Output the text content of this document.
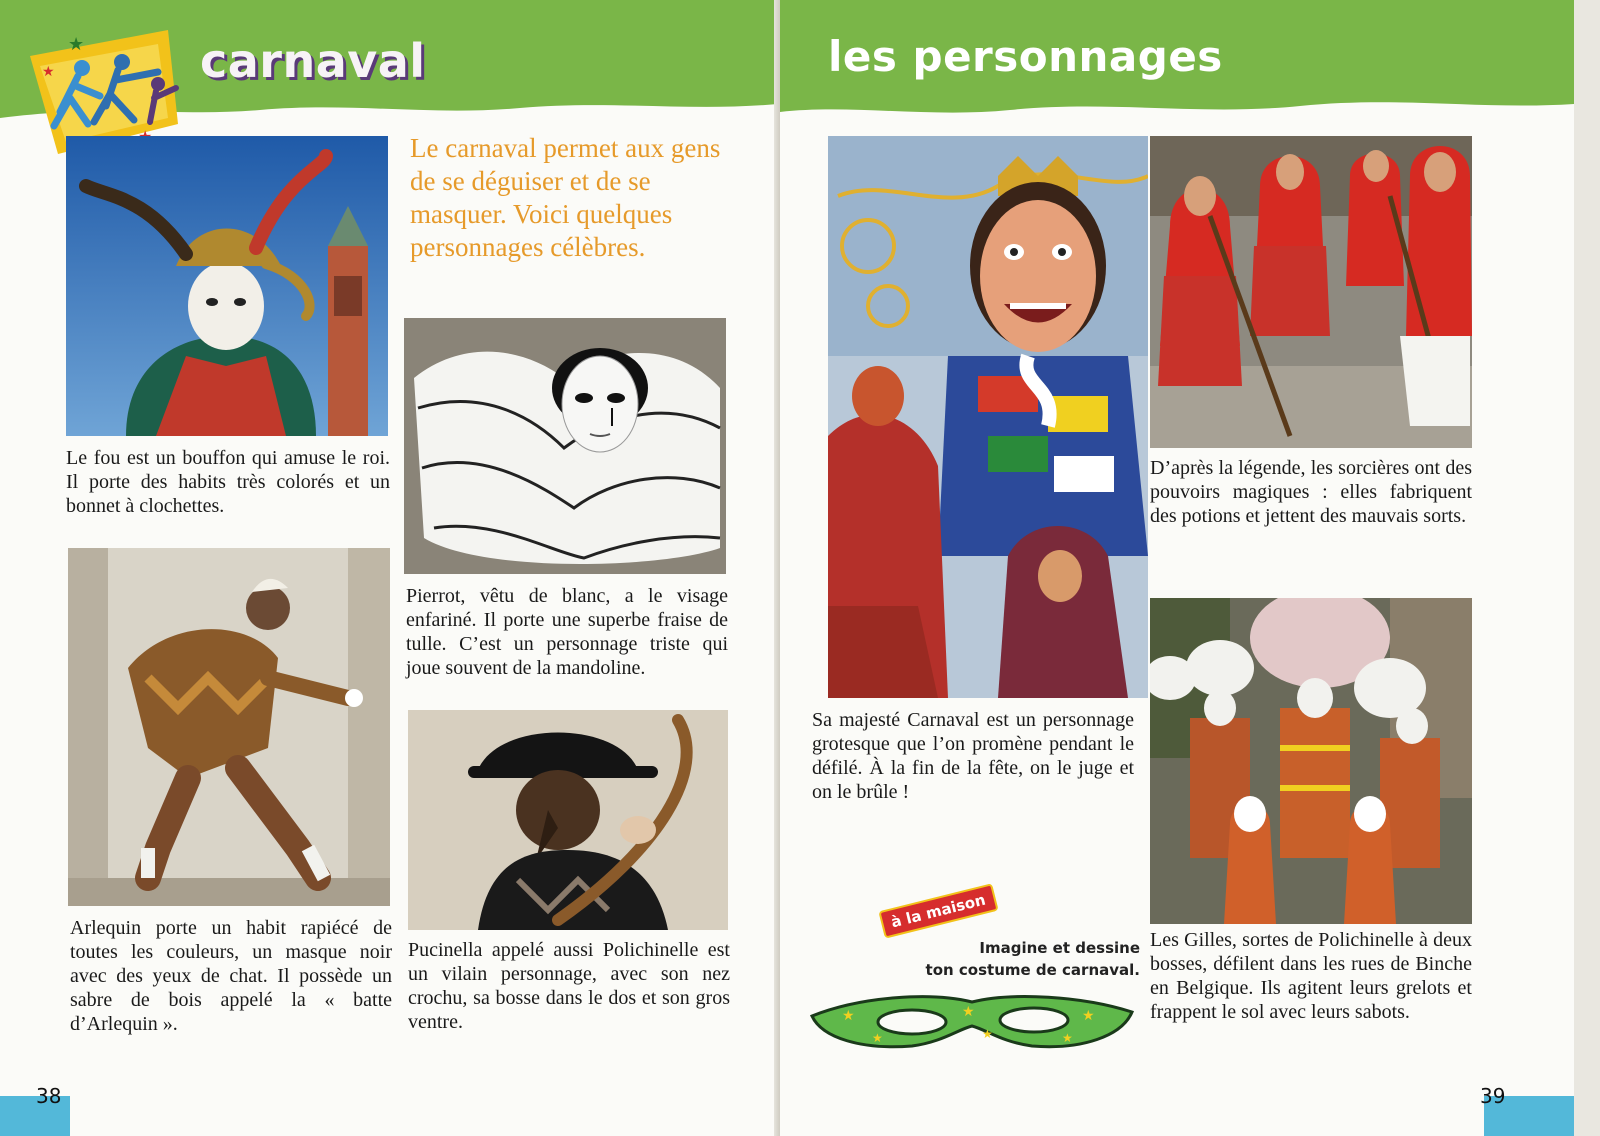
★
★	carnaval
Le fou est un bouffon qui amuse le roi. Il porte des habits très colorés et un bonnet à clochettes.
Le carnaval permet aux gens de se déguiser et de se masquer. Voici quelques personnages célèbres.
Pierrot, vêtu de blanc, a le visage enfariné. Il porte une superbe fraise de tulle. C’est un personnage triste qui joue souvent de la mandoline.
Arlequin porte un habit rapiécé de toutes les couleurs, un masque noir avec des yeux de chat. Il possède un sabre de bois appelé la « batte d’Arlequin ».
Pucinella appelé aussi Polichinelle est un vilain personnage, avec son nez crochu, sa bosse dans le dos et son gros ventre.
38
les personnages
Sa majesté Carnaval est un personnage grotesque que l’on promène pendant le défilé. À la fin de la fête, on le juge et on le brûle !
D’après la légende, les sorcières ont des pouvoirs magiques : elles fabriquent des potions et jettent des mauvais sorts.
Les Gilles, sortes de Polichinelle à deux bosses, défilent dans les rues de Binche en Belgique. Ils agitent leurs grelots et frappent le sol avec leurs sabots.
à la maison
Imagine et dessine
ton costume de carnaval.
★	★	★
★	★
★
39
